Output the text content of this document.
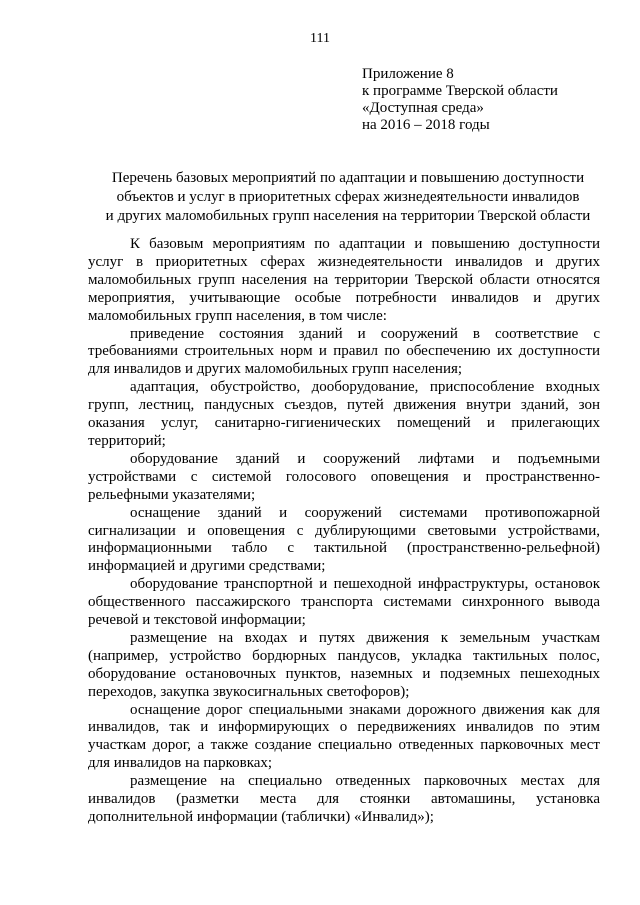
111
Приложение 8
к программе Тверской области
«Доступная среда»
на 2016 – 2018 годы
Перечень базовых мероприятий по адаптации и повышению доступности
объектов и услуг в приоритетных сферах жизнедеятельности инвалидов
и других маломобильных групп населения на территории Тверской области

К базовым мероприятиям по адаптации и повышению доступности услуг в приоритетных сферах жизнедеятельности инвалидов и других маломобильных групп населения на территории Тверской области относятся мероприятия, учитывающие особые потребности инвалидов и других маломобильных групп населения, в том числе:

приведение состояния зданий и сооружений в соответствие с требованиями строительных норм и правил по обеспечению их доступности для инвалидов и других маломобильных групп населения;

адаптация, обустройство, дооборудование, приспособление входных групп, лестниц, пандусных съездов, путей движения внутри зданий, зон оказания услуг, санитарно-гигиенических помещений и прилегающих территорий;

оборудование зданий и сооружений лифтами и подъемными устройствами с системой голосового оповещения и пространственно-рельефными указателями;

оснащение зданий и сооружений системами противопожарной сигнализации и оповещения с дублирующими световыми устройствами, информационными табло с тактильной (пространственно-рельефной) информацией и другими средствами;

оборудование транспортной и пешеходной инфраструктуры, остановок общественного пассажирского транспорта системами синхронного вывода речевой и текстовой информации;

размещение на входах и путях движения к земельным участкам (например, устройство бордюрных пандусов, укладка тактильных полос, оборудование остановочных пунктов, наземных и подземных пешеходных переходов, закупка звукосигнальных светофоров);

оснащение дорог специальными знаками дорожного движения как для инвалидов, так и информирующих о передвижениях инвалидов по этим участкам дорог, а также создание специально отведенных парковочных мест для инвалидов на парковках;

размещение на специально отведенных парковочных местах для инвалидов (разметки места для стоянки автомашины, установка дополнительной информации (таблички) «Инвалид»);
